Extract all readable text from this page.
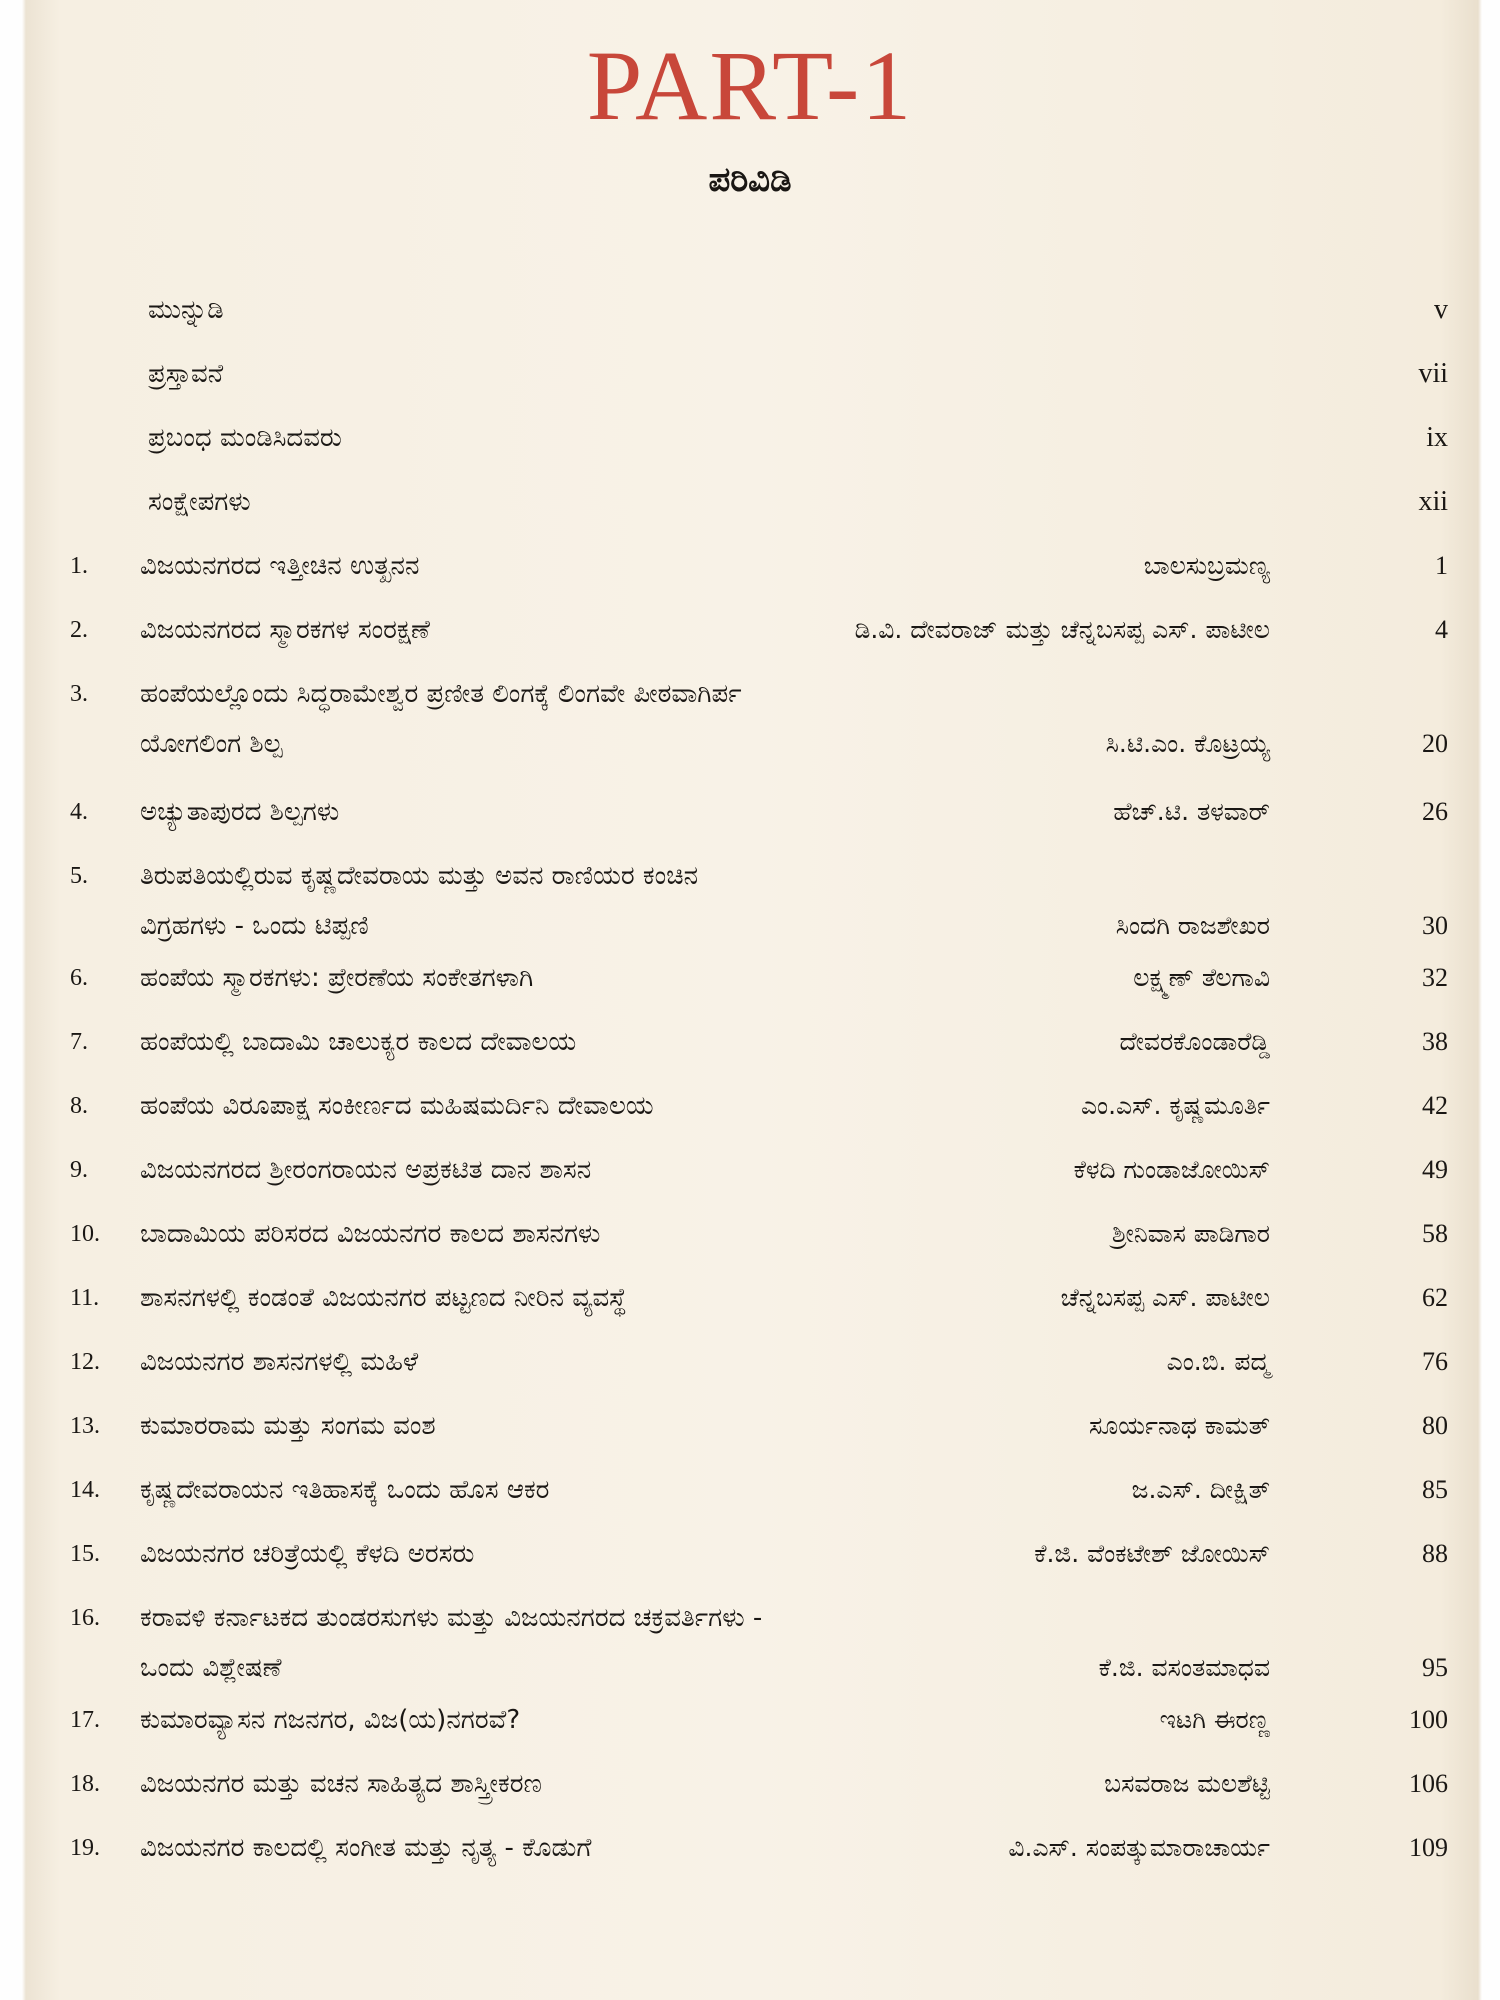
PART-1
ಪರಿವಿಡಿ
ಮುನ್ನುಡಿ	v
ಪ್ರಸ್ತಾವನೆ	vii
ಪ್ರಬಂಧ ಮಂಡಿಸಿದವರು	ix
ಸಂಕ್ಷೇಪಗಳು	xii
1.	ವಿಜಯನಗರದ ಇತ್ತೀಚಿನ ಉತ್ಖನನ	ಬಾಲಸುಬ್ರಮಣ್ಯ	1
2.	ವಿಜಯನಗರದ ಸ್ಮಾರಕಗಳ ಸಂರಕ್ಷಣೆ	ಡಿ.ವಿ. ದೇವರಾಜ್ ಮತ್ತು ಚೆನ್ನಬಸಪ್ಪ ಎಸ್. ಪಾಟೀಲ	4
3.	ಹಂಪೆಯಲ್ಲೊಂದು ಸಿದ್ಧರಾಮೇಶ್ವರ ಪ್ರಣೀತ ಲಿಂಗಕ್ಕೆ ಲಿಂಗವೇ ಪೀಠವಾಗಿರ್ಪ
ಯೋಗಲಿಂಗ ಶಿಲ್ಪ	ಸಿ.ಟಿ.ಎಂ. ಕೊಟ್ರಯ್ಯ	20
4.	ಅಚ್ಯುತಾಪುರದ ಶಿಲ್ಪಗಳು	ಹೆಚ್.ಟಿ. ತಳವಾರ್	26
5.	ತಿರುಪತಿಯಲ್ಲಿರುವ ಕೃಷ್ಣದೇವರಾಯ ಮತ್ತು ಅವನ ರಾಣಿಯರ ಕಂಚಿನ
ವಿಗ್ರಹಗಳು - ಒಂದು ಟಿಪ್ಪಣಿ	ಸಿಂದಗಿ ರಾಜಶೇಖರ	30
6.	ಹಂಪೆಯ ಸ್ಮಾರಕಗಳು: ಪ್ರೇರಣೆಯ ಸಂಕೇತಗಳಾಗಿ	ಲಕ್ಷ್ಮಣ್ ತೆಲಗಾವಿ	32
7.	ಹಂಪೆಯಲ್ಲಿ ಬಾದಾಮಿ ಚಾಲುಕ್ಯರ ಕಾಲದ ದೇವಾಲಯ	ದೇವರಕೊಂಡಾರೆಡ್ಡಿ	38
8.	ಹಂಪೆಯ ವಿರೂಪಾಕ್ಷ ಸಂಕೀರ್ಣದ ಮಹಿಷಮರ್ದಿನಿ ದೇವಾಲಯ	ಎಂ.ಎಸ್. ಕೃಷ್ಣಮೂರ್ತಿ	42
9.	ವಿಜಯನಗರದ ಶ್ರೀರಂಗರಾಯನ ಅಪ್ರಕಟಿತ ದಾನ ಶಾಸನ	ಕೆಳದಿ ಗುಂಡಾಜೋಯಿಸ್	49
10.	ಬಾದಾಮಿಯ ಪರಿಸರದ ವಿಜಯನಗರ ಕಾಲದ ಶಾಸನಗಳು	ಶ್ರೀನಿವಾಸ ಪಾಡಿಗಾರ	58
11.	ಶಾಸನಗಳಲ್ಲಿ ಕಂಡಂತೆ ವಿಜಯನಗರ ಪಟ್ಟಣದ ನೀರಿನ ವ್ಯವಸ್ಥೆ	ಚೆನ್ನಬಸಪ್ಪ ಎಸ್. ಪಾಟೀಲ	62
12.	ವಿಜಯನಗರ ಶಾಸನಗಳಲ್ಲಿ ಮಹಿಳೆ	ಎಂ.ಬಿ. ಪದ್ಮ	76
13.	ಕುಮಾರರಾಮ ಮತ್ತು ಸಂಗಮ ವಂಶ	ಸೂರ್ಯನಾಥ ಕಾಮತ್	80
14.	ಕೃಷ್ಣದೇವರಾಯನ ಇತಿಹಾಸಕ್ಕೆ ಒಂದು ಹೊಸ ಆಕರ	ಜ.ಎಸ್. ದೀಕ್ಷಿತ್	85
15.	ವಿಜಯನಗರ ಚರಿತ್ರೆಯಲ್ಲಿ ಕೆಳದಿ ಅರಸರು	ಕೆ.ಜಿ. ವೆಂಕಟೇಶ್ ಜೋಯಿಸ್	88
16.	ಕರಾವಳಿ ಕರ್ನಾಟಕದ ತುಂಡರಸುಗಳು ಮತ್ತು ವಿಜಯನಗರದ ಚಕ್ರವರ್ತಿಗಳು -
ಒಂದು ವಿಶ್ಲೇಷಣೆ	ಕೆ.ಜಿ. ವಸಂತಮಾಧವ	95
17.	ಕುಮಾರವ್ಯಾಸನ ಗಜನಗರ, ವಿಜ(ಯ)ನಗರವೆ?	ಇಟಗಿ ಈರಣ್ಣ	100
18.	ವಿಜಯನಗರ ಮತ್ತು ವಚನ ಸಾಹಿತ್ಯದ ಶಾಸ್ತ್ರೀಕರಣ	ಬಸವರಾಜ ಮಲಶೆಟ್ಟಿ	106
19.	ವಿಜಯನಗರ ಕಾಲದಲ್ಲಿ ಸಂಗೀತ ಮತ್ತು ನೃತ್ಯ - ಕೊಡುಗೆ	ವಿ.ಎಸ್. ಸಂಪತ್ಕುಮಾರಾಚಾರ್ಯ	109
